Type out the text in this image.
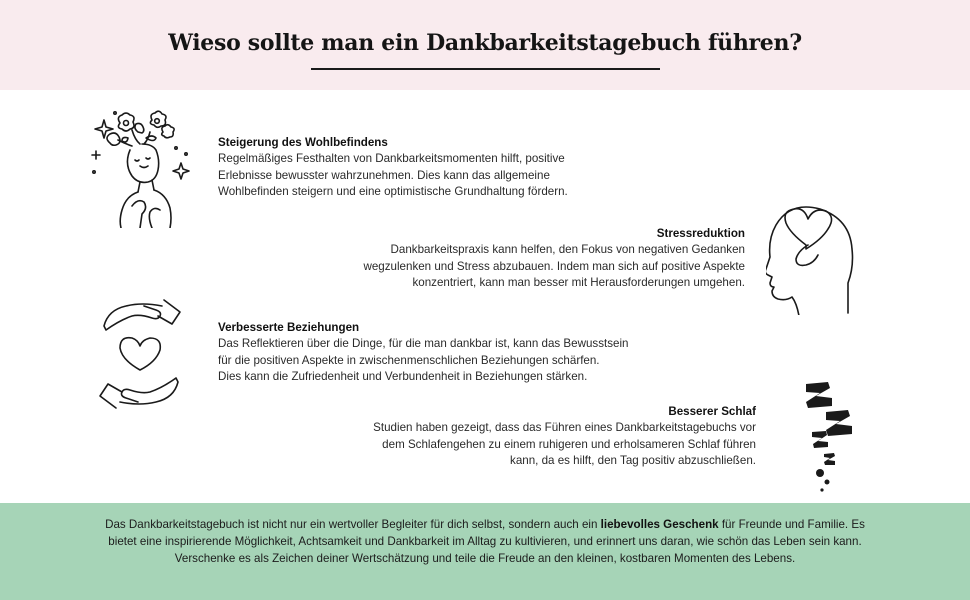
Wieso sollte man ein Dankbarkeitstagebuch führen?
Steigerung des Wohlbefindens

Regelmäßiges Festhalten von Dankbarkeitsmomenten hilft, positive

Erlebnisse bewusster wahrzunehmen. Dies kann das allgemeine

Wohlbefinden steigern und eine optimistische Grundhaltung fördern.

Stressreduktion

Dankbarkeitspraxis kann helfen, den Fokus von negativen Gedanken

wegzulenken und Stress abzubauen. Indem man sich auf positive Aspekte

konzentriert, kann man besser mit Herausforderungen umgehen.

Verbesserte Beziehungen

Das Reflektieren über die Dinge, für die man dankbar ist, kann das Bewusstsein

für die positiven Aspekte in zwischenmenschlichen Beziehungen schärfen.

Dies kann die Zufriedenheit und Verbundenheit in Beziehungen stärken.

Besserer Schlaf

Studien haben gezeigt, dass das Führen eines Dankbarkeitstagebuchs vor

dem Schlafengehen zu einem ruhigeren und erholsameren Schlaf führen

kann, da es hilft, den Tag positiv abzuschließen.

Das Dankbarkeitstagebuch ist nicht nur ein wertvoller Begleiter für dich selbst, sondern auch ein liebevolles Geschenk für Freunde und Familie. Es bietet eine inspirierende Möglichkeit, Achtsamkeit und Dankbarkeit im Alltag zu kultivieren, und erinnert uns daran, wie schön das Leben sein kann. Verschenke es als Zeichen deiner Wertschätzung und teile die Freude an den kleinen, kostbaren Momenten des Lebens.
